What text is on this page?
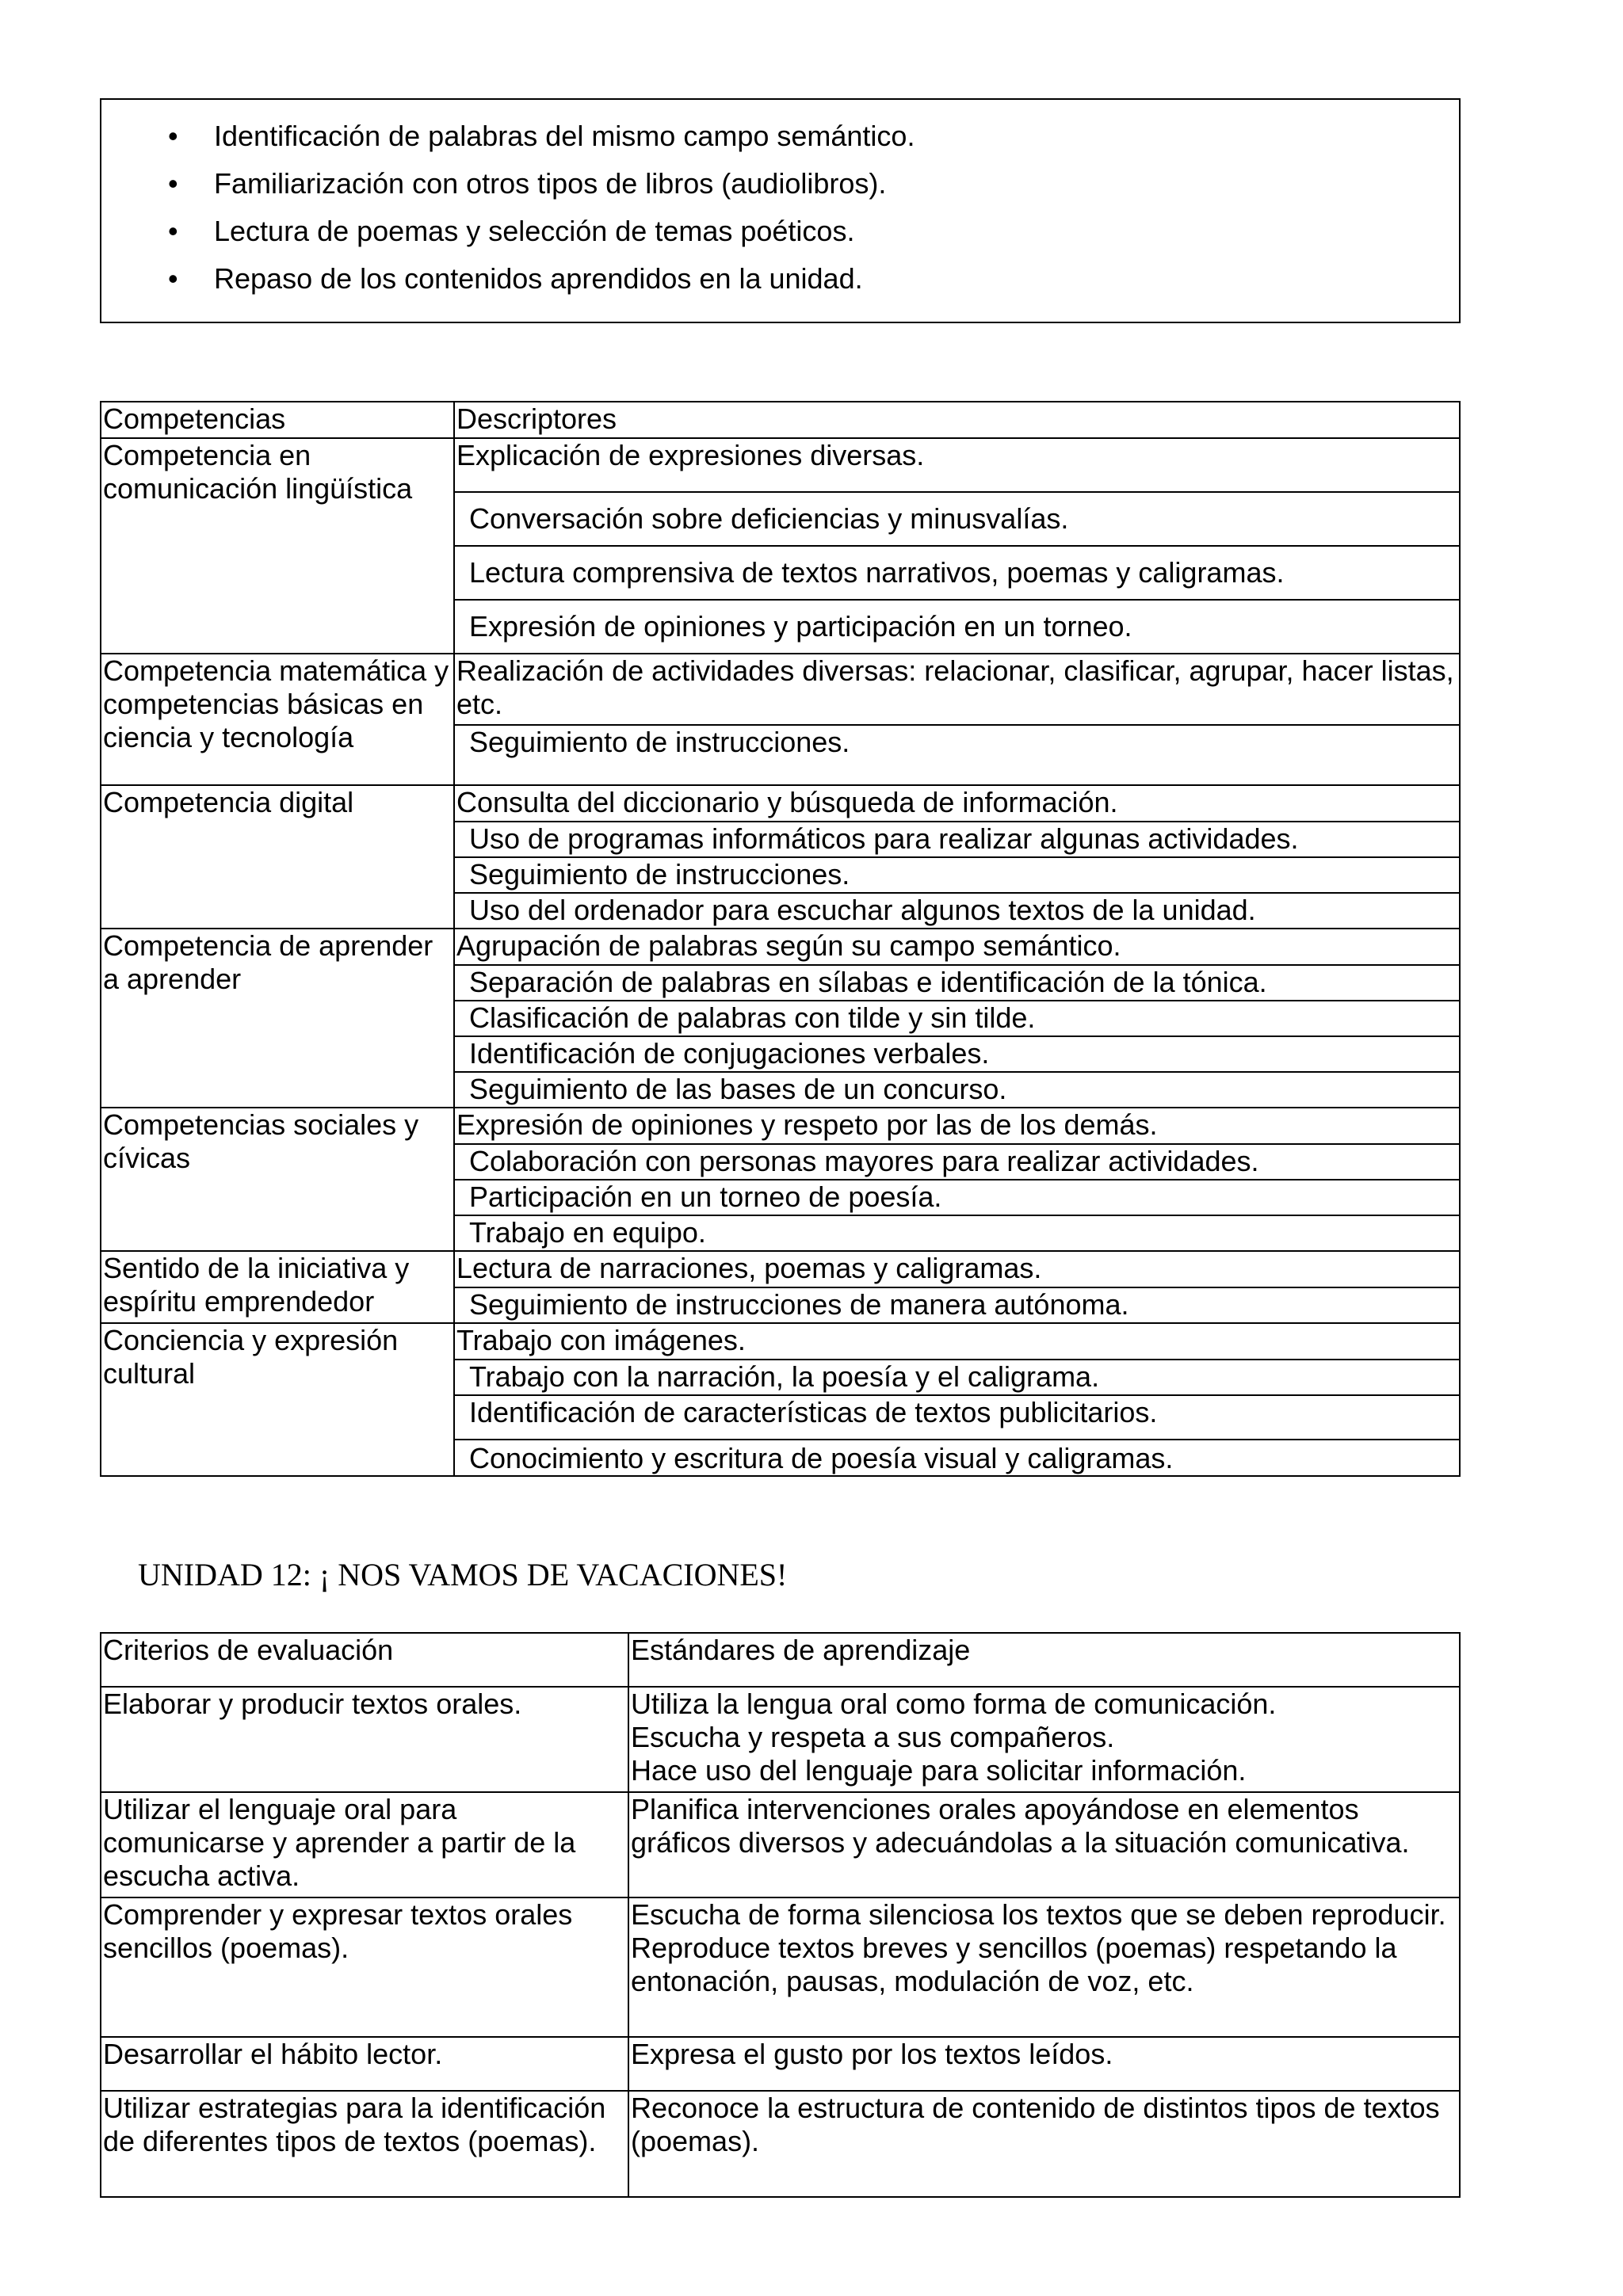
• Identificación de palabras del mismo campo semántico.
• Familiarización con otros tipos de libros (audiolibros).
• Lectura de poemas y selección de temas poéticos.
• Repaso de los contenidos aprendidos en la unidad.
Competencias	Descriptores
Competencia en comunicación lingüística	Explicación de expresiones diversas.
	Conversación sobre deficiencias y minusvalías.
	Lectura comprensiva de textos narrativos, poemas y caligramas.
	Expresión de opiniones y participación en un torneo.
Competencia matemática y competencias básicas en ciencia y tecnología	Realización de actividades diversas: relacionar, clasificar, agrupar, hacer listas, etc.
	Seguimiento de instrucciones.
Competencia digital	Consulta del diccionario y búsqueda de información.
	Uso de programas informáticos para realizar algunas actividades.
	Seguimiento de instrucciones.
	Uso del ordenador para escuchar algunos textos de la unidad.
Competencia de aprender a aprender	Agrupación de palabras según su campo semántico.
	Separación de palabras en sílabas e identificación de la tónica.
	Clasificación de palabras con tilde y sin tilde.
	Identificación de conjugaciones verbales.
	Seguimiento de las bases de un concurso.
Competencias sociales y cívicas	Expresión de opiniones y respeto por las de los demás.
	Colaboración con personas mayores para realizar actividades.
	Participación en un torneo de poesía.
	Trabajo en equipo.
Sentido de la iniciativa y espíritu emprendedor	Lectura de narraciones, poemas y caligramas.
	Seguimiento de instrucciones de manera autónoma.
Conciencia y expresión cultural	Trabajo con imágenes.
	Trabajo con la narración, la poesía y el caligrama.
	Identificación de características de textos publicitarios.
	Conocimiento y escritura de poesía visual y caligramas.
UNIDAD 12: ¡ NOS VAMOS DE VACACIONES!
Criterios de evaluación	Estándares de aprendizaje
Elaborar y producir textos orales.	Utiliza la lengua oral como forma de comunicación.
Escucha y respeta a sus compañeros.
Hace uso del lenguaje para solicitar información.

Utilizar el lenguaje oral para comunicarse y aprender a partir de la escucha activa.	Planifica intervenciones orales apoyándose en elementos gráficos diversos y adecuándolas a la situación comunicativa.

Comprender y expresar textos orales sencillos (poemas).	Escucha de forma silenciosa los textos que se deben reproducir.
Reproduce textos breves y sencillos (poemas) respetando la entonación, pausas, modulación de voz, etc.

Desarrollar el hábito lector.	Expresa el gusto por los textos leídos.

Utilizar estrategias para la identificación de diferentes tipos de textos (poemas).	Reconoce la estructura de contenido de distintos tipos de textos (poemas).
